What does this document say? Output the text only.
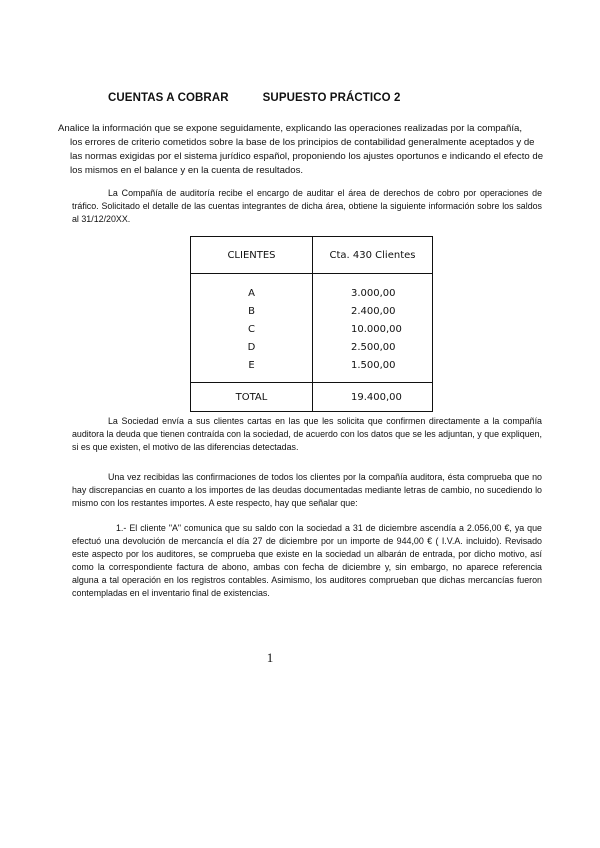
CUENTAS A COBRAR	SUPUESTO PRÁCTICO 2

Analice la información que se expone seguidamente, explicando las operaciones realizadas por la compañía,

los errores de criterio cometidos sobre la base de los principios de contabilidad generalmente aceptados y de las normas exigidas por el sistema jurídico español, proponiendo los ajustes oportunos e indicando el efecto de los mismos en el balance y en la cuenta de resultados.

La Compañía de auditoría recibe el encargo de auditar el área de derechos de cobro por operaciones de tráfico. Solicitado el detalle de las cuentas integrantes de dicha área, obtiene la siguiente información sobre los saldos al 31/12/20XX.

CLIENTES	Cta. 430 Clientes
A	3.000,00
B	2.400,00
C	10.000,00
D	2.500,00
E	1.500,00
TOTAL	19.400,00

La Sociedad envía a sus clientes cartas en las que les solicita que confirmen directamente a la compañía auditora la deuda que tienen contraída con la sociedad, de acuerdo con los datos que se les adjuntan, y que expliquen, si es que existen, el motivo de las diferencias detectadas.

Una vez recibidas las confirmaciones de todos los clientes por la compañía auditora, ésta comprueba que no hay discrepancias en cuanto a los importes de las deudas documentadas mediante letras de cambio, no sucediendo lo mismo con los restantes importes. A este respecto, hay que señalar que:

1.- El cliente "A" comunica que su saldo con la sociedad a 31 de diciembre ascendía a 2.056,00 €, ya que efectuó una devolución de mercancía el día 27 de diciembre por un importe de 944,00 € ( I.V.A. incluido). Revisado este aspecto por los auditores, se comprueba que existe en la sociedad un albarán de entrada, por dicho motivo, así como la correspondiente factura de abono, ambas con fecha de diciembre y, sin embargo, no aparece referencia alguna a tal operación en los registros contables. Asimismo, los auditores comprueban que dichas mercancías fueron contempladas en el inventario final de existencias.

1
